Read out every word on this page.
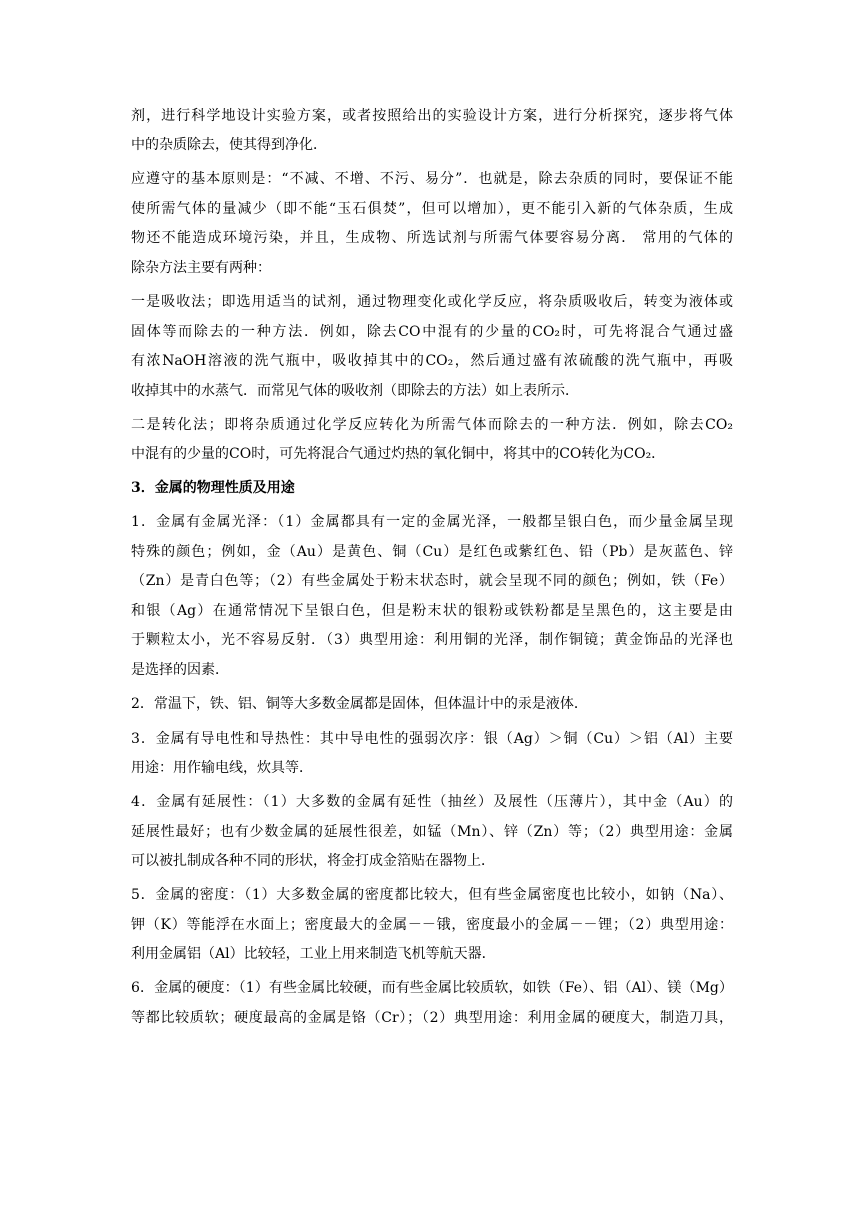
剂，进行科学地设计实验方案，或者按照给出的实验设计方案，进行分析探究，逐步将气体
中的杂质除去，使其得到净化．
应遵守的基本原则是：“不减、不增、不污、易分”．也就是，除去杂质的同时，要保证不能
使所需气体的量减少（即不能“玉石俱焚”，但可以增加），更不能引入新的气体杂质，生成
物还不能造成环境污染，并且，生成物、所选试剂与所需气体要容易分离． 常用的气体的
除杂方法主要有两种：
一是吸收法；即选用适当的试剂，通过物理变化或化学反应，将杂质吸收后，转变为液体或
固体等而除去的一种方法．例如，除去CO中混有的少量的CO₂时，可先将混合气通过盛
有浓NaOH溶液的洗气瓶中，吸收掉其中的CO₂，然后通过盛有浓硫酸的洗气瓶中，再吸
收掉其中的水蒸气．而常见气体的吸收剂（即除去的方法）如上表所示．
二是转化法；即将杂质通过化学反应转化为所需气体而除去的一种方法．例如，除去CO₂
中混有的少量的CO时，可先将混合气通过灼热的氧化铜中，将其中的CO转化为CO₂．
3．金属的物理性质及用途
1．金属有金属光泽：（1）金属都具有一定的金属光泽，一般都呈银白色，而少量金属呈现
特殊的颜色；例如，金（Au）是黄色、铜（Cu）是红色或紫红色、铅（Pb）是灰蓝色、锌
（Zn）是青白色等；（2）有些金属处于粉末状态时，就会呈现不同的颜色；例如，铁（Fe）
和银（Ag）在通常情况下呈银白色，但是粉末状的银粉或铁粉都是呈黑色的，这主要是由
于颗粒太小，光不容易反射．（3）典型用途：利用铜的光泽，制作铜镜；黄金饰品的光泽也
是选择的因素．
2．常温下，铁、铝、铜等大多数金属都是固体，但体温计中的汞是液体．
3．金属有导电性和导热性：其中导电性的强弱次序：银（Ag）＞铜（Cu）＞铝（Al）主要
用途：用作输电线，炊具等．
4．金属有延展性：（1）大多数的金属有延性（抽丝）及展性（压薄片），其中金（Au）的
延展性最好；也有少数金属的延展性很差，如锰（Mn）、锌（Zn）等；（2）典型用途：金属
可以被扎制成各种不同的形状，将金打成金箔贴在器物上．
5．金属的密度：（1）大多数金属的密度都比较大，但有些金属密度也比较小，如钠（Na）、
钾（K）等能浮在水面上；密度最大的金属－－锇，密度最小的金属－－锂；（2）典型用途：
利用金属铝（Al）比较轻，工业上用来制造飞机等航天器．
6．金属的硬度：（1）有些金属比较硬，而有些金属比较质软，如铁（Fe）、铝（Al）、镁（Mg）
等都比较质软；硬度最高的金属是铬（Cr）；（2）典型用途：利用金属的硬度大，制造刀具，
